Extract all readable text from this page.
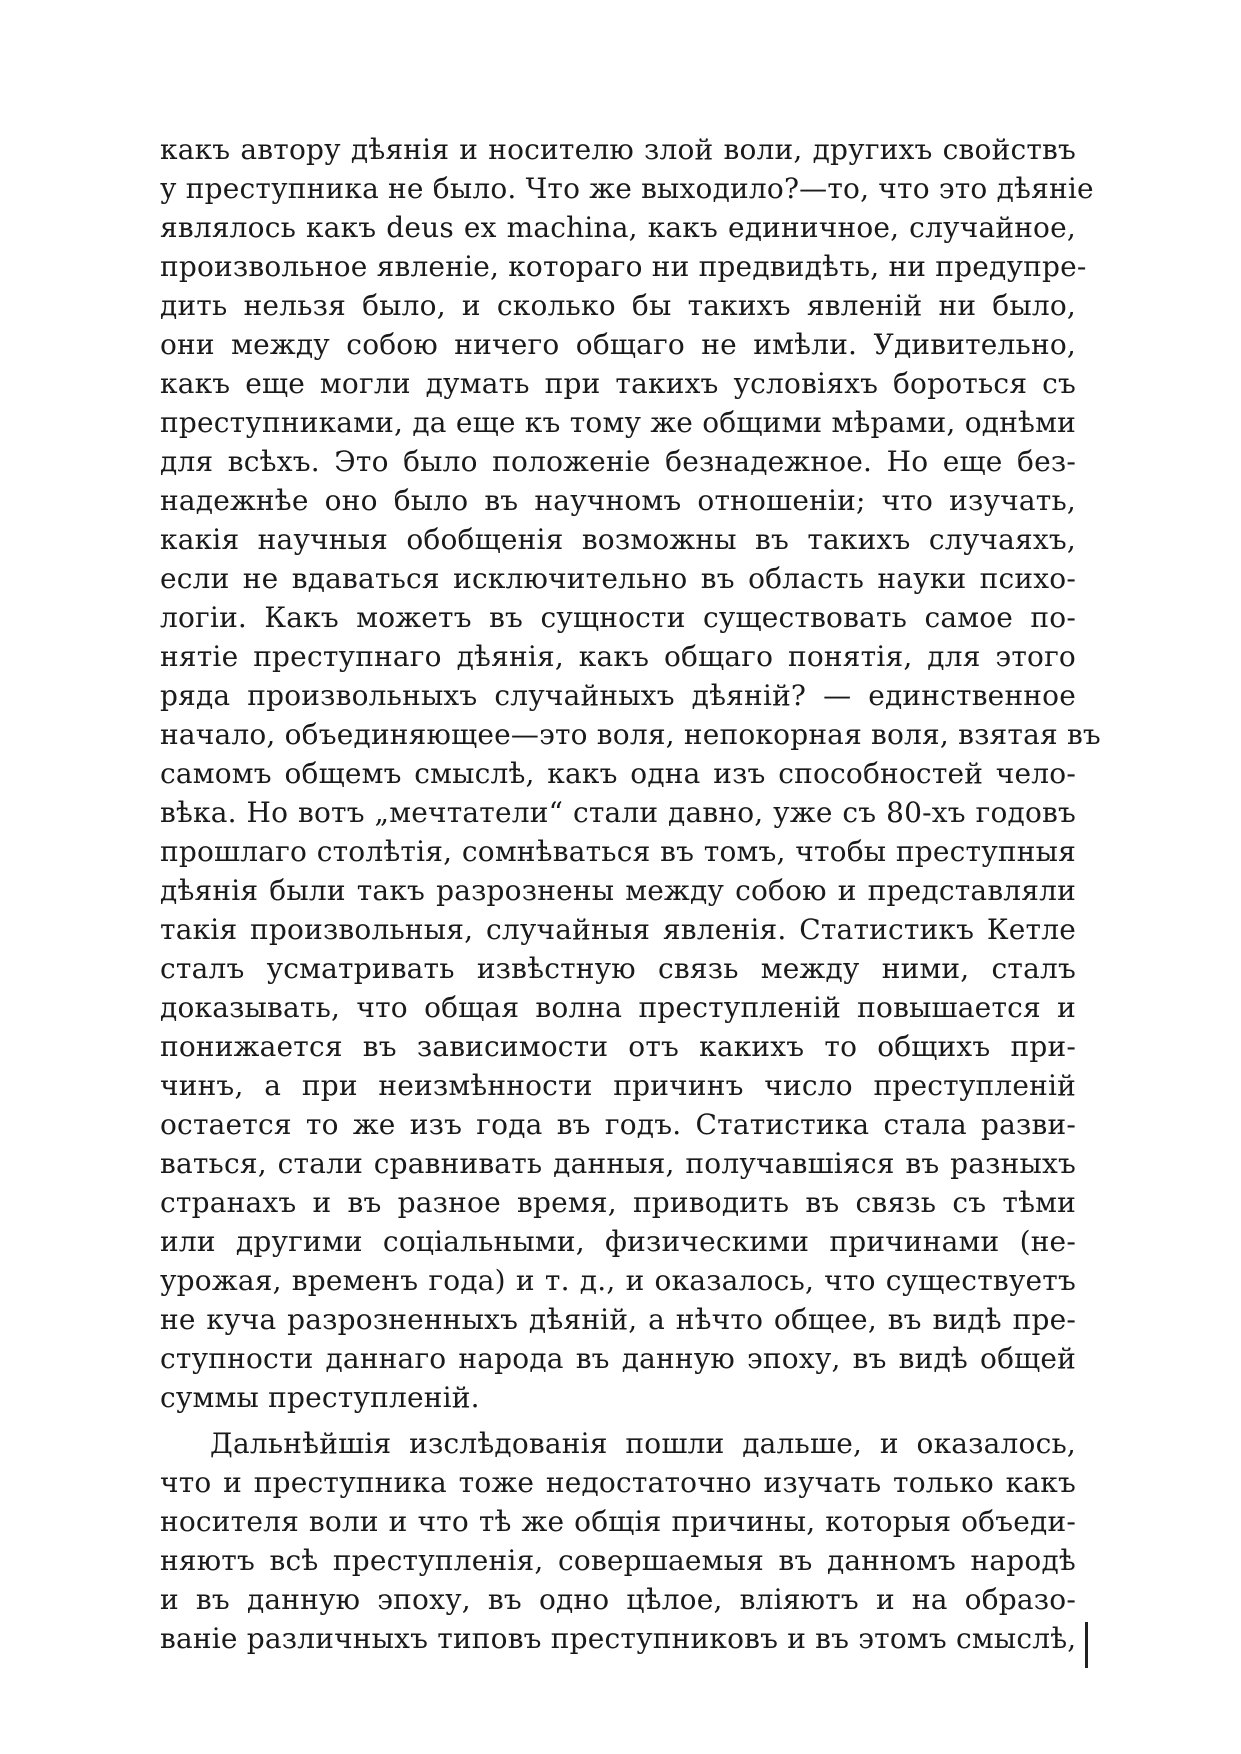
какъ автору дѣянія и носителю злой воли, другихъ свойствъ
у преступника не было. Что же выходило?—то, что это дѣяніе
являлось какъ deus ex machina, какъ единичное, случайное,
произвольное явленіе, котораго ни предвидѣть, ни предупре-
дить нельзя было, и сколько бы такихъ явленій ни было,
они между собою ничего общаго не имѣли. Удивительно,
какъ еще могли думать при такихъ условіяхъ бороться съ
преступниками, да еще къ тому же общими мѣрами, однѣми
для всѣхъ. Это было положеніе безнадежное. Но еще без-
надежнѣе оно было въ научномъ отношеніи; что изучать,
какія научныя обобщенія возможны въ такихъ случаяхъ,
если не вдаваться исключительно въ область науки психо-
логіи. Какъ можетъ въ сущности существовать самое по-
нятіе преступнаго дѣянія, какъ общаго понятія, для этого
ряда произвольныхъ случайныхъ дѣяній? — единственное
начало, объединяющее—это воля, непокорная воля, взятая въ
самомъ общемъ смыслѣ, какъ одна изъ способностей чело-
вѣка. Но вотъ „мечтатели“ стали давно, уже съ 80-хъ годовъ
прошлаго столѣтія, сомнѣваться въ томъ, чтобы преступныя
дѣянія были такъ разрознены между собою и представляли
такія произвольныя, случайныя явленія. Статистикъ Кетле
сталъ усматривать извѣстную связь между ними, сталъ
доказывать, что общая волна преступленій повышается и
понижается въ зависимости отъ какихъ то общихъ при-
чинъ, а при неизмѣнности причинъ число преступленій
остается то же изъ года въ годъ. Статистика стала разви-
ваться, стали сравнивать данныя, получавшіяся въ разныхъ
странахъ и въ разное время, приводить въ связь съ тѣми
или другими соціальными, физическими причинами (не-
урожая, временъ года) и т. д., и оказалось, что существуетъ
не куча разрозненныхъ дѣяній, а нѣчто общее, въ видѣ пре-
ступности даннаго народа въ данную эпоху, въ видѣ общей
суммы преступленій.
Дальнѣйшія изслѣдованія пошли дальше, и оказалось,
что и преступника тоже недостаточно изучать только какъ
носителя воли и что тѣ же общія причины, которыя объеди-
няютъ всѣ преступленія, совершаемыя въ данномъ народѣ
и въ данную эпоху, въ одно цѣлое, вліяютъ и на образо-
ваніе различныхъ типовъ преступниковъ и въ этомъ смыслѣ,
